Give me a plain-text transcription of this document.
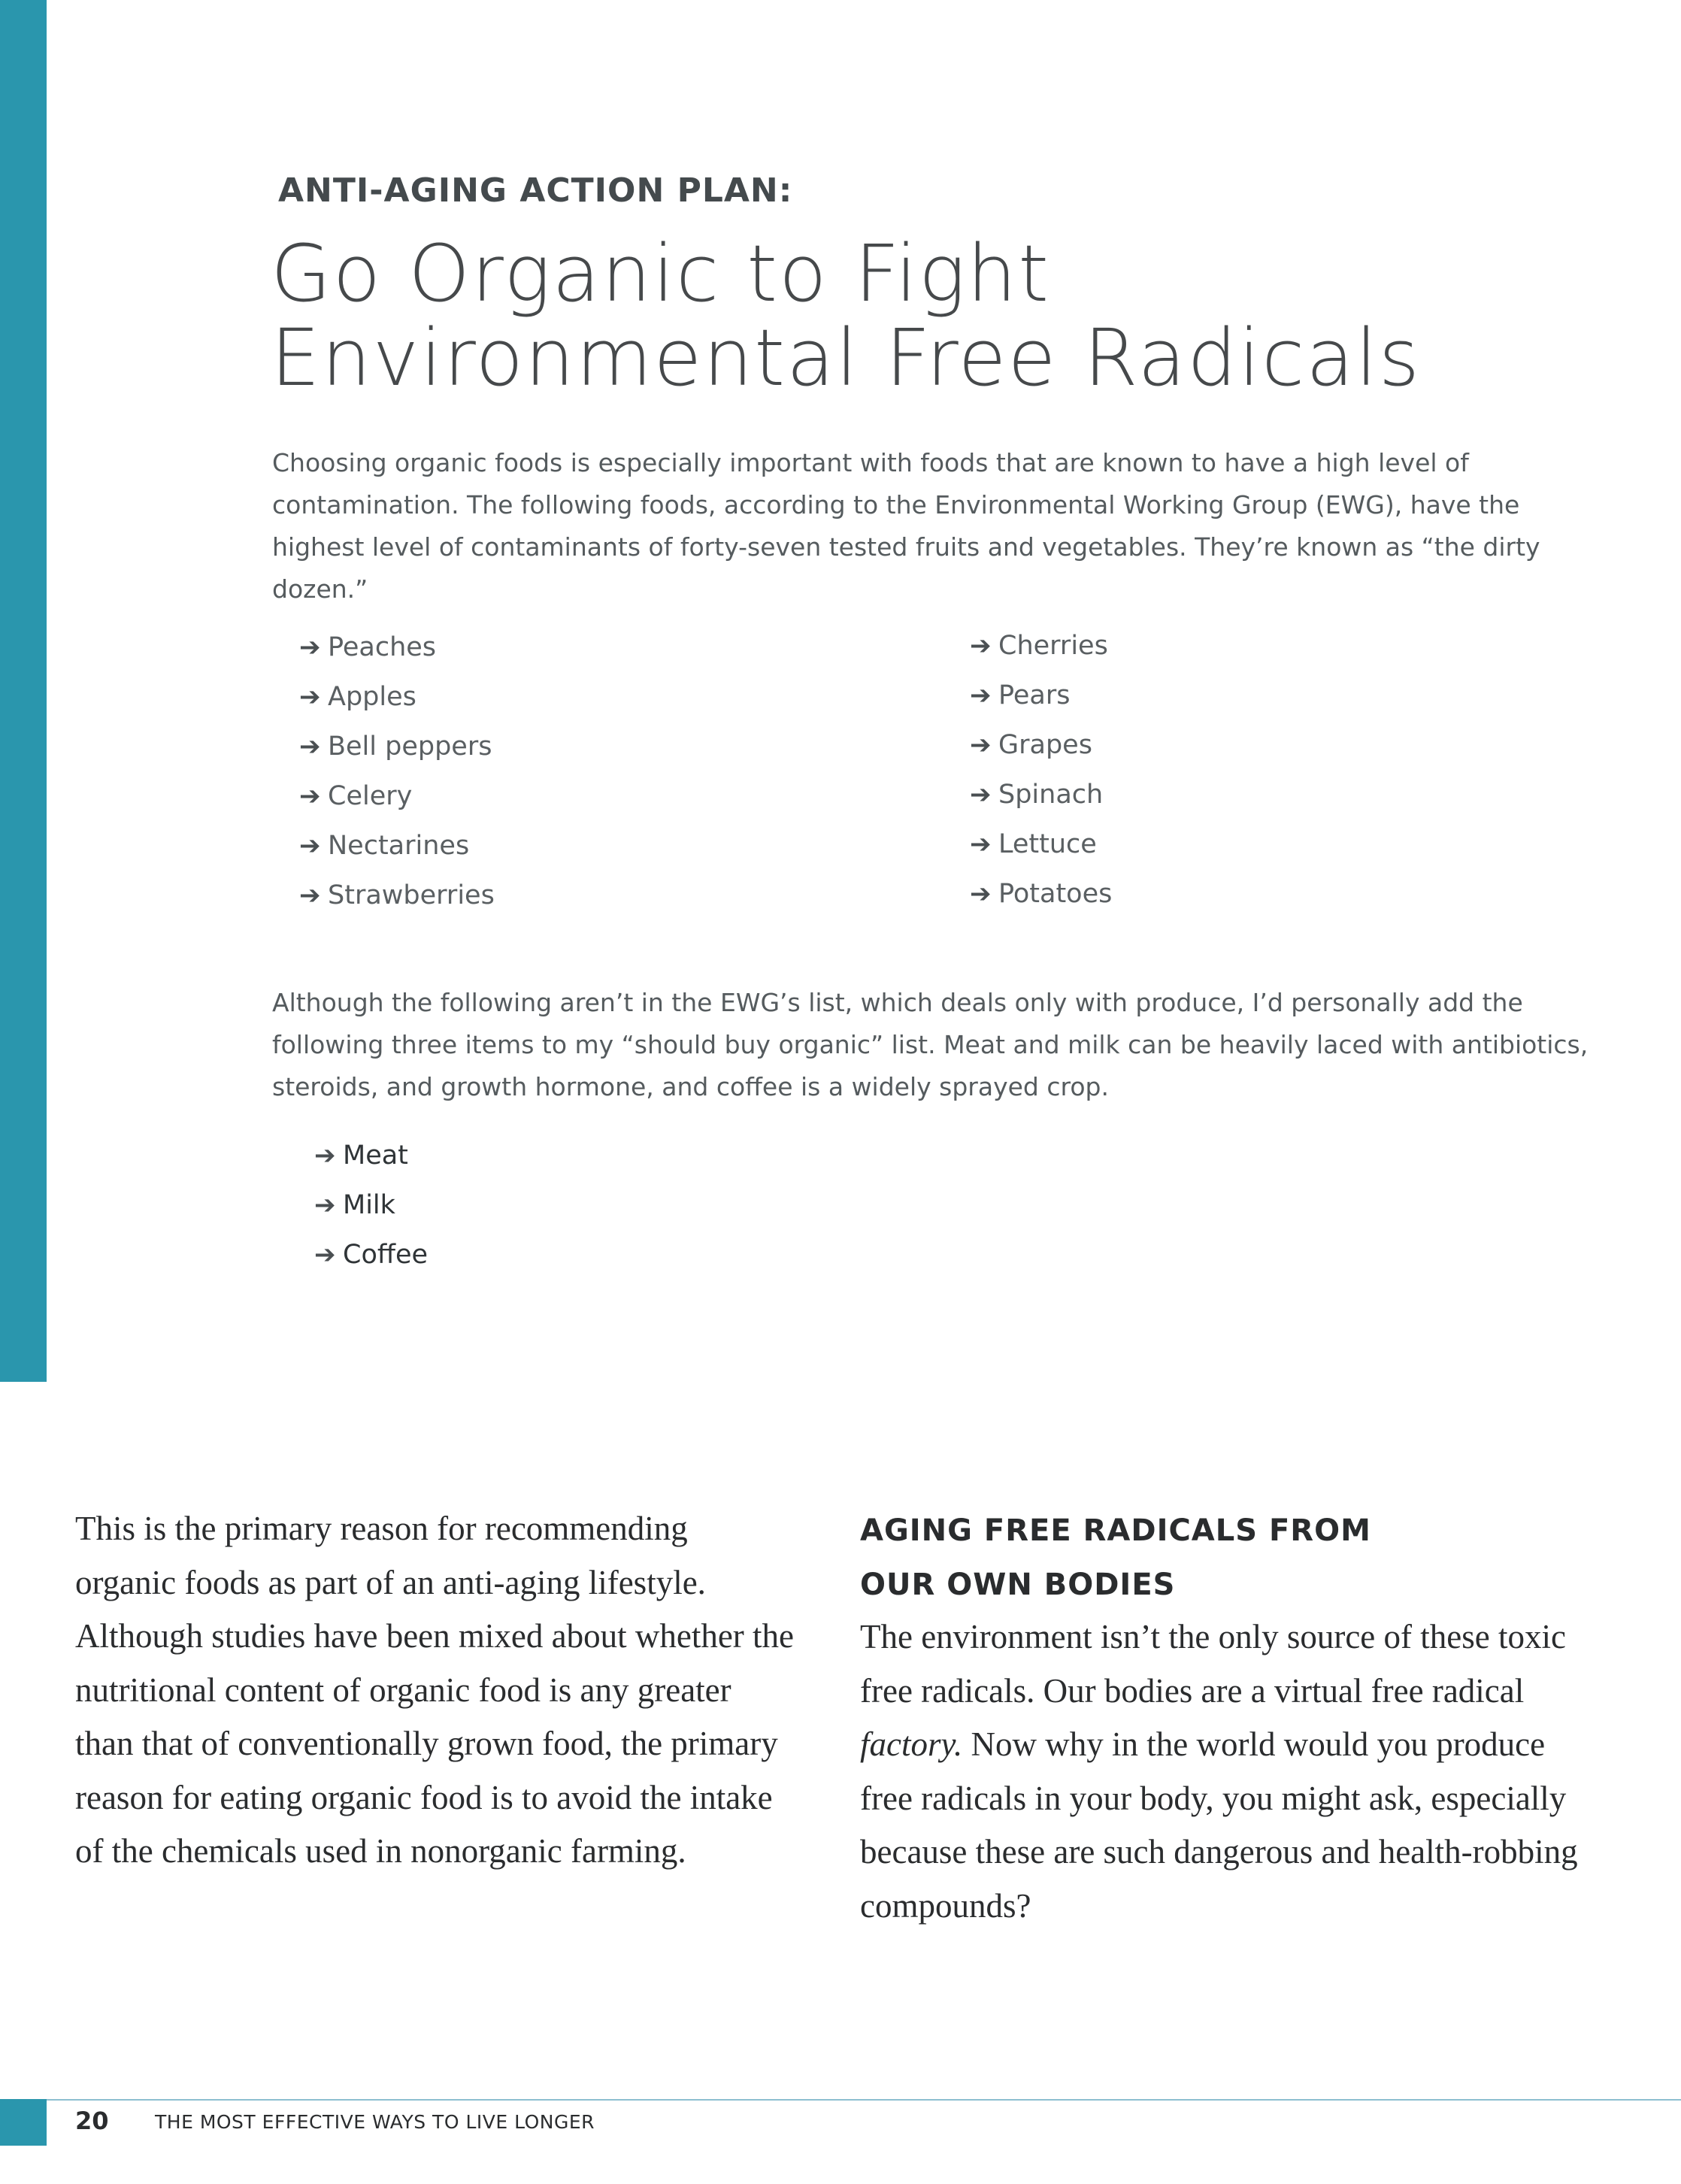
ANTI-AGING ACTION PLAN:
Go Organic to Fight
Environmental Free Radicals

Choosing organic foods is especially important with foods that are known to have a high level of contamination. The following foods, according to the Environmental Working Group (EWG), have the highest level of contaminants of forty-seven tested fruits and vegetables. They’re known as “the dirty dozen.”

➔ Peaches
➔ Apples
➔ Bell peppers
➔ Celery
➔ Nectarines
➔ Strawberries
➔ Cherries
➔ Pears
➔ Grapes
➔ Spinach
➔ Lettuce
➔ Potatoes

Although the following aren’t in the EWG’s list, which deals only with produce, I’d personally add the following three items to my “should buy organic” list. Meat and milk can be heavily laced with antibiotics, steroids, and growth hormone, and coffee is a widely sprayed crop.

➔ Meat
➔ Milk
➔ Coffee

This is the primary reason for recommending organic foods as part of an anti-aging lifestyle. Although studies have been mixed about whether the nutritional content of organic food is any greater than that of conventionally grown food, the primary reason for eating organic food is to avoid the intake of the chemicals used in nonorganic farming.

AGING FREE RADICALS FROM
OUR OWN BODIES

The environment isn’t the only source of these toxic free radicals. Our bodies are a virtual free radical factory. Now why in the world would you produce free radicals in your body, you might ask, especially because these are such dangerous and health-robbing compounds?

20 THE MOST EFFECTIVE WAYS TO LIVE LONGER
